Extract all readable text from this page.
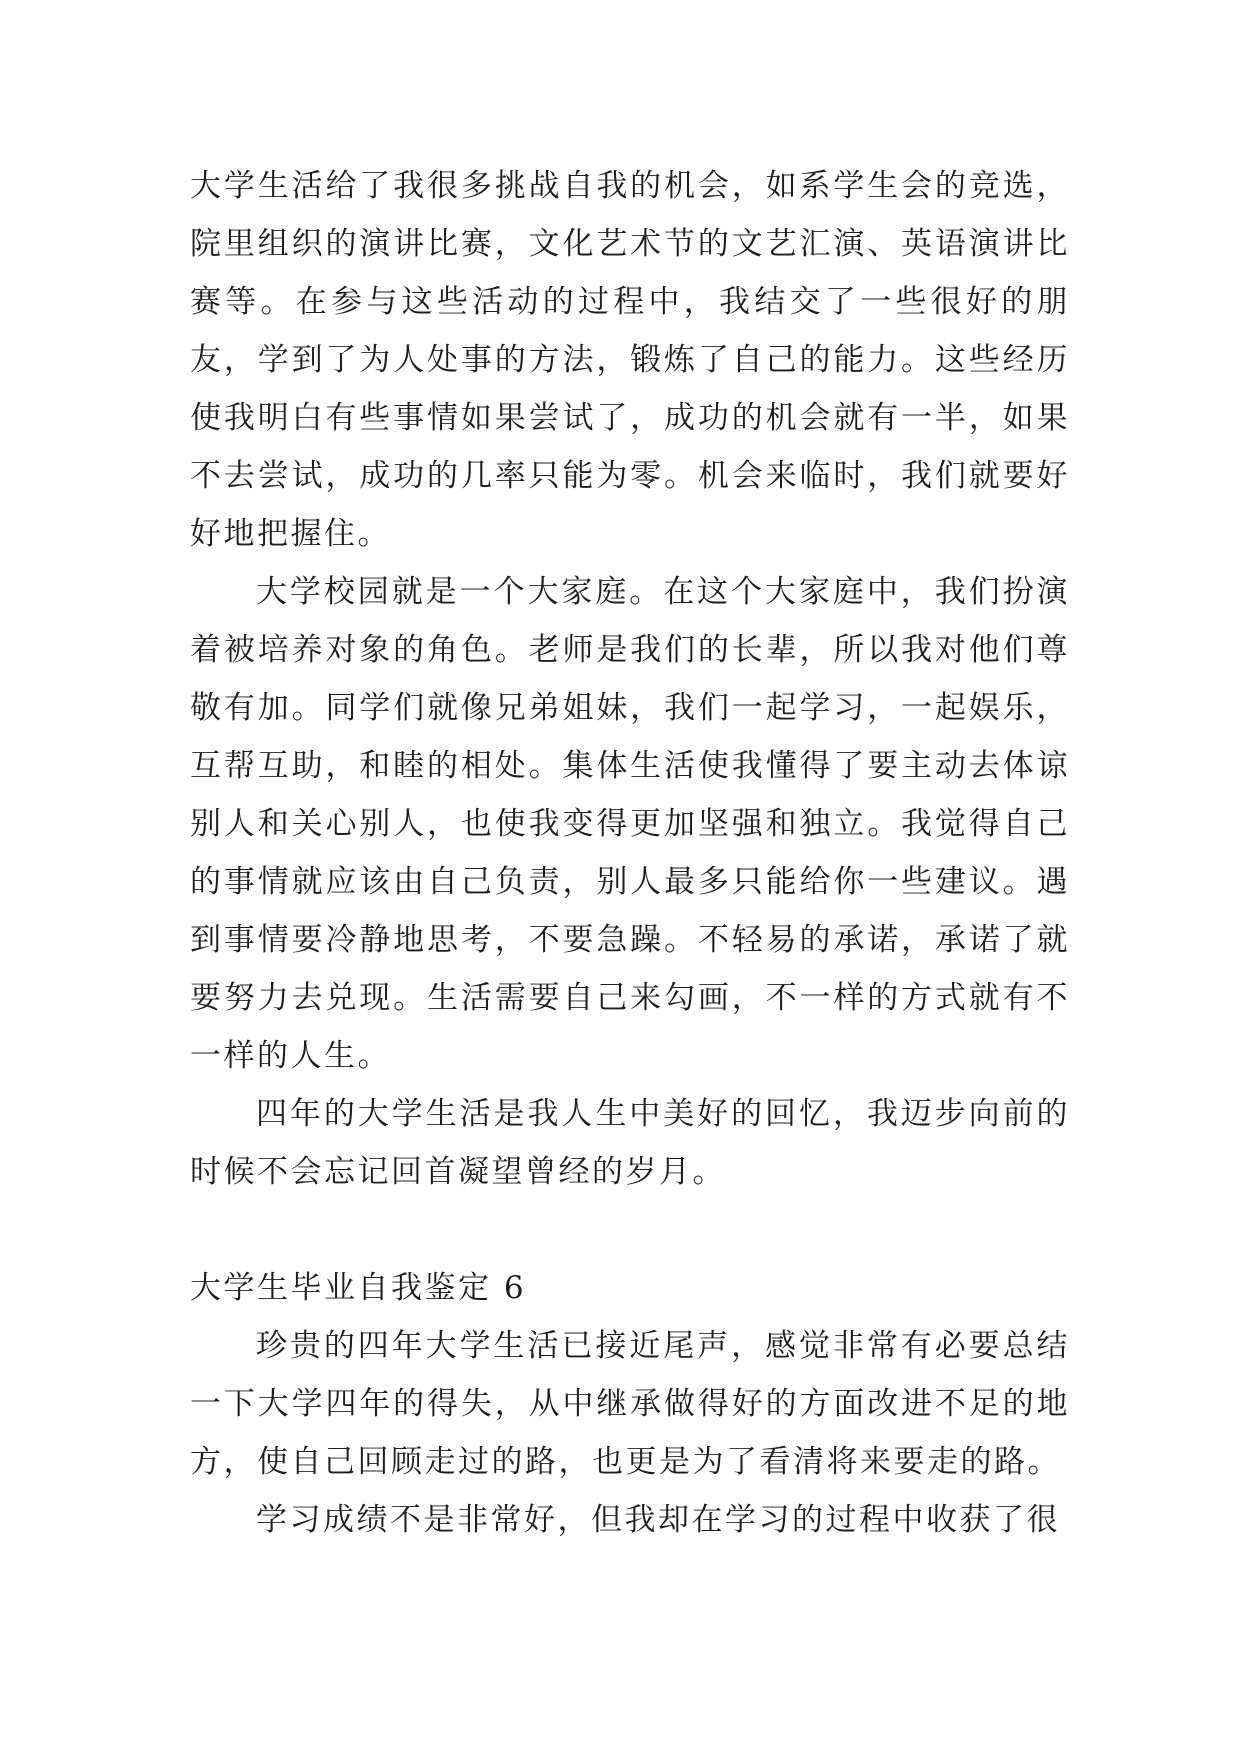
大学生活给了我很多挑战自我的机会，如系学生会的竞选，院里组织的演讲比赛，文化艺术节的文艺汇演、英语演讲比赛等。在参与这些活动的过程中，我结交了一些很好的朋友，学到了为人处事的方法，锻炼了自己的能力。这些经历使我明白有些事情如果尝试了，成功的机会就有一半，如果不去尝试，成功的几率只能为零。机会来临时，我们就要好好地把握住。

大学校园就是一个大家庭。在这个大家庭中，我们扮演着被培养对象的角色。老师是我们的长辈，所以我对他们尊敬有加。同学们就像兄弟姐妹，我们一起学习，一起娱乐，互帮互助，和睦的相处。集体生活使我懂得了要主动去体谅别人和关心别人，也使我变得更加坚强和独立。我觉得自己的事情就应该由自己负责，别人最多只能给你一些建议。遇到事情要冷静地思考，不要急躁。不轻易的承诺，承诺了就要努力去兑现。生活需要自己来勾画，不一样的方式就有不一样的人生。

四年的大学生活是我人生中美好的回忆，我迈步向前的时候不会忘记回首凝望曾经的岁月。

大学生毕业自我鉴定 6

珍贵的四年大学生活已接近尾声，感觉非常有必要总结一下大学四年的得失，从中继承做得好的方面改进不足的地方，使自己回顾走过的路，也更是为了看清将来要走的路。

学习成绩不是非常好，但我却在学习的过程中收获了很
